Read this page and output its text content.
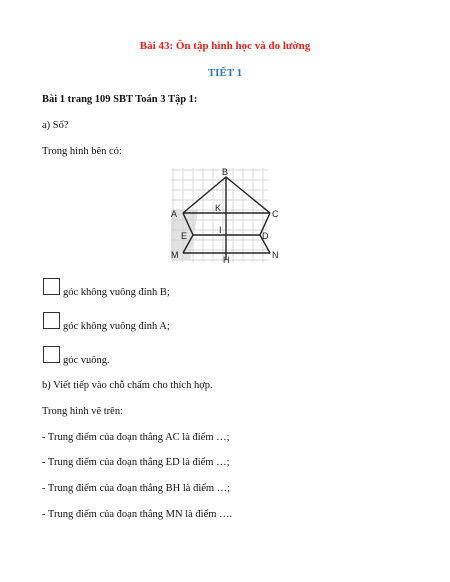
Bài 43: Ôn tập hình học và đo lường
TIẾT 1
Bài 1 trang 109 SBT Toán 3 Tập 1:
a) Số?
Trong hình bên có:
B
K
A	C
I
E	D
M	H	N
góc không vuông đỉnh B;
góc không vuông đỉnh A;
góc vuông.
b) Viết tiếp vào chỗ chấm cho thích hợp.
Trong hình vẽ trên:
- Trung điểm của đoạn thẳng AC là điểm …;
- Trung điểm của đoạn thẳng ED là điểm …;
- Trung điểm của đoạn thẳng BH là điểm …;
- Trung điểm của đoạn thẳng MN là điểm ….
